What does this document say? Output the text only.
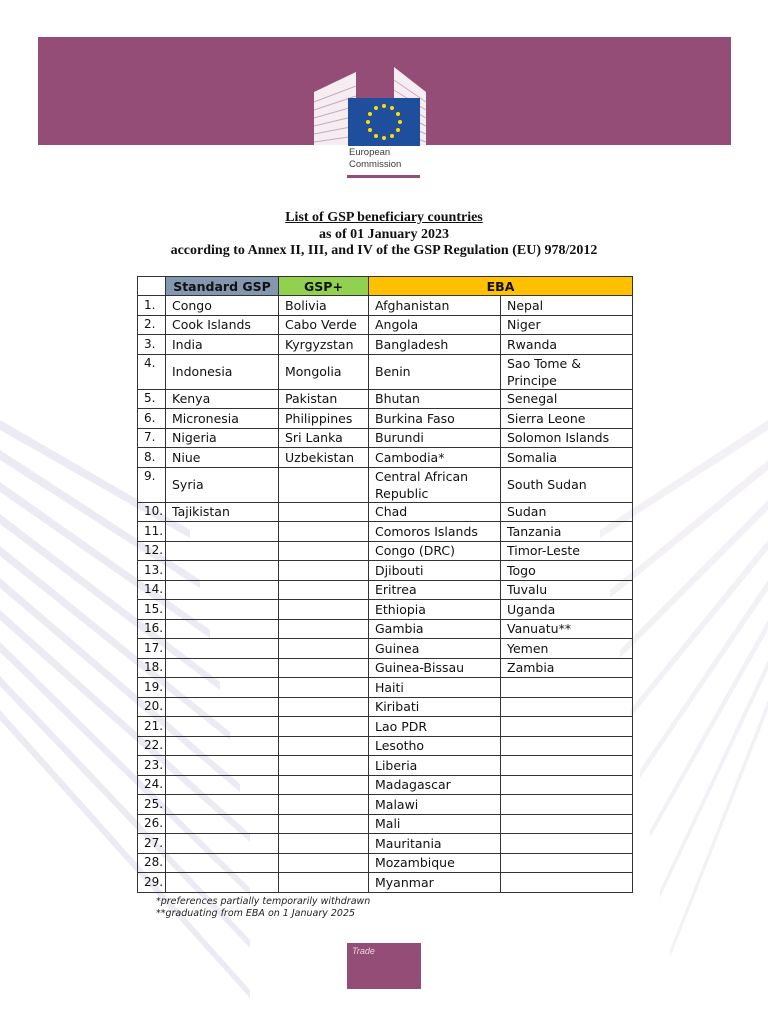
European
Commission
List of GSP beneficiary countries
as of 01 January 2023
according to Annex II, III, and IV of the GSP Regulation (EU) 978/2012
	Standard GSP	GSP+	EBA	
1.	Congo	Bolivia	Afghanistan	Nepal
2.	Cook Islands	Cabo Verde	Angola	Niger
3.	India	Kyrgyzstan	Bangladesh	Rwanda
4.	Indonesia	Mongolia	Benin	Sao Tome & Principe
5.	Kenya	Pakistan	Bhutan	Senegal
6.	Micronesia	Philippines	Burkina Faso	Sierra Leone
7.	Nigeria	Sri Lanka	Burundi	Solomon Islands
8.	Niue	Uzbekistan	Cambodia*	Somalia
9.	Syria		Central African Republic	South Sudan
10.	Tajikistan		Chad	Sudan
11.			Comoros Islands	Tanzania
12.			Congo (DRC)	Timor-Leste
13.			Djibouti	Togo
14.			Eritrea	Tuvalu
15.			Ethiopia	Uganda
16.			Gambia	Vanuatu**
17.			Guinea	Yemen
18.			Guinea-Bissau	Zambia
19.			Haiti	
20.			Kiribati	
21.			Lao PDR	
22.			Lesotho	
23.			Liberia	
24.			Madagascar	
25.			Malawi	
26.			Mali	
27.			Mauritania	
28.			Mozambique	
29.			Myanmar	
*preferences partially temporarily withdrawn
**graduating from EBA on 1 January 2025
Trade
